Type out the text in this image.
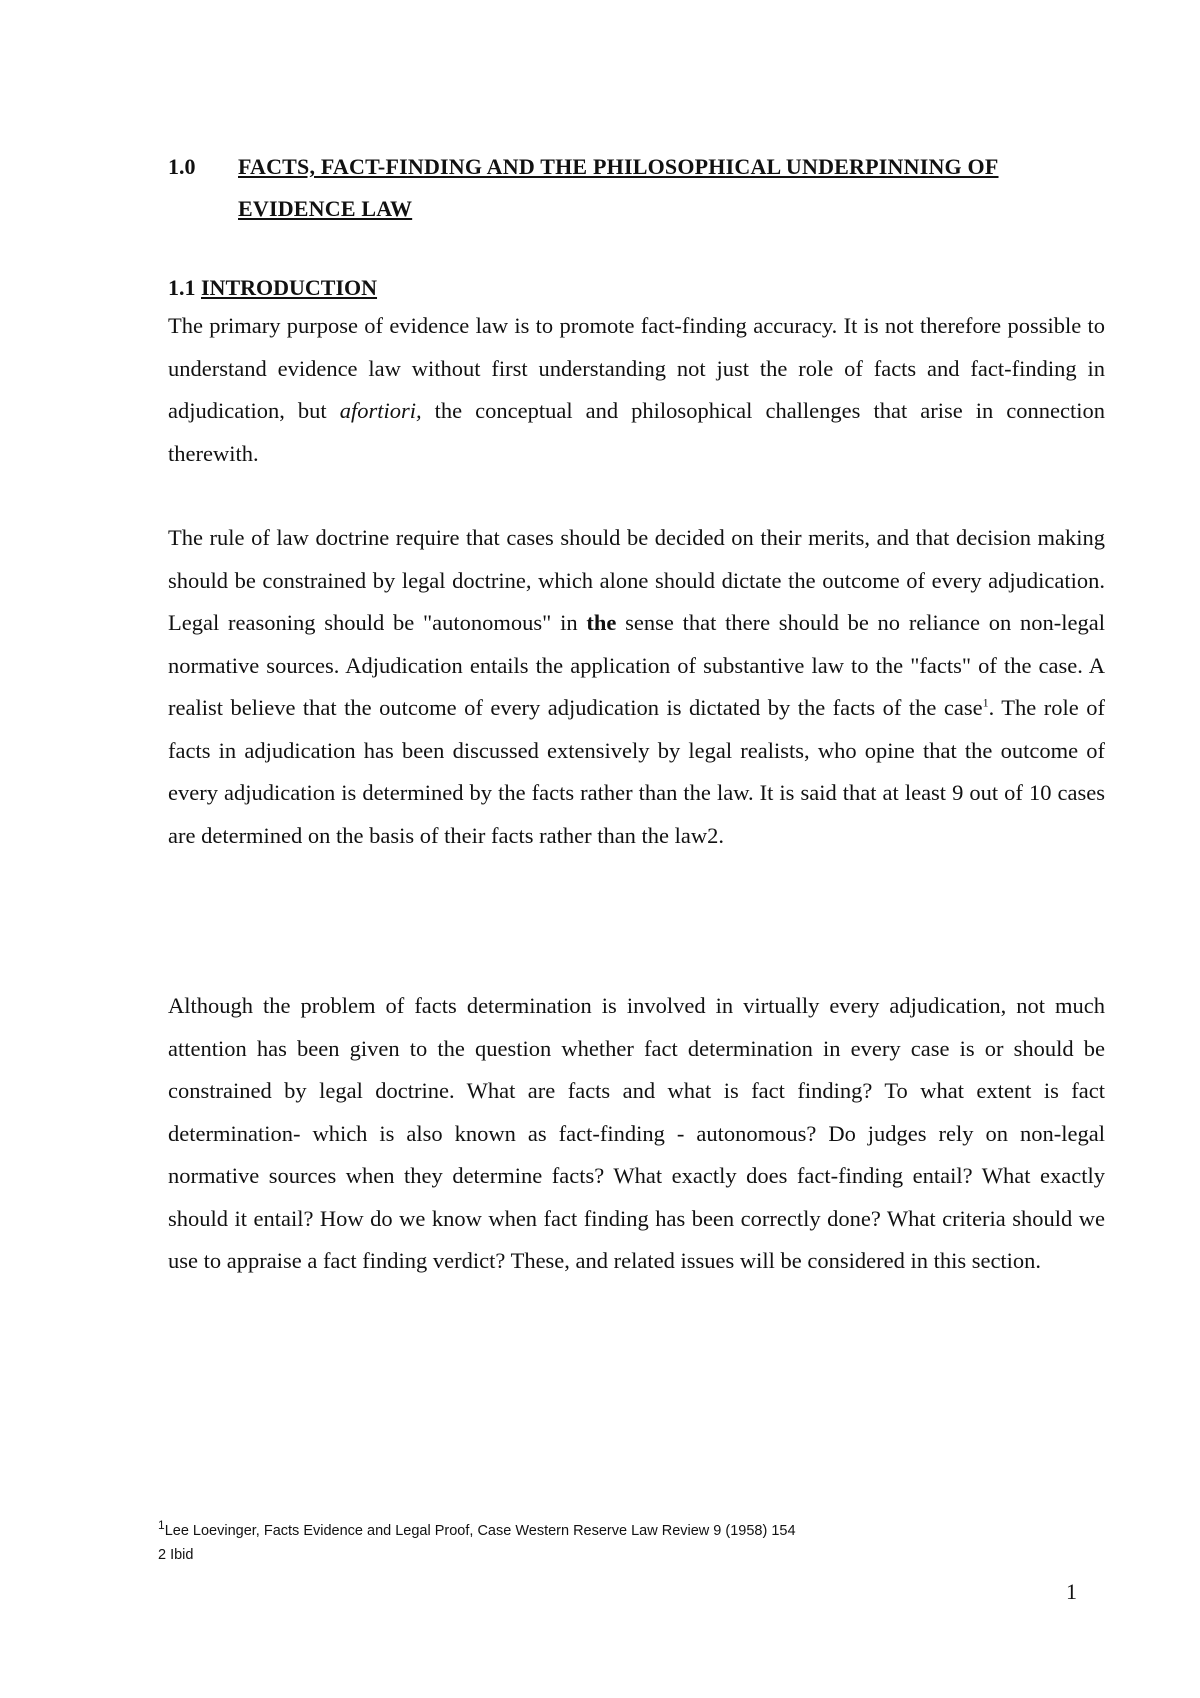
1.0	FACTS, FACT-FINDING AND THE PHILOSOPHICAL UNDERPINNING OF
EVIDENCE LAW
1.1 INTRODUCTION

The primary purpose of evidence law is to promote fact-finding accuracy. It is not therefore possible to understand evidence law without first understanding not just the role of facts and fact-finding in adjudication, but afortiori, the conceptual and philosophical challenges that arise in connection therewith.

The rule of law doctrine require that cases should be decided on their merits, and that decision making should be constrained by legal doctrine, which alone should dictate the outcome of every adjudication. Legal reasoning should be "autonomous" in the sense that there should be no reliance on non-legal normative sources. Adjudication entails the application of substantive law to the "facts" of the case. A realist believe that the outcome of every adjudication is dictated by the facts of the case$^1$. The role of facts in adjudication has been discussed extensively by legal realists, who opine that the outcome of every adjudication is determined by the facts rather than the law. It is said that at least 9 out of 10 cases are determined on the basis of their facts rather than the law2.

Although the problem of facts determination is involved in virtually every adjudication, not much attention has been given to the question whether fact determination in every case is or should be constrained by legal doctrine. What are facts and what is fact finding? To what extent is fact determination- which is also known as fact-finding - autonomous? Do judges rely on non-legal normative sources when they determine facts? What exactly does fact-finding entail? What exactly should it entail? How do we know when fact finding has been correctly done? What criteria should we use to appraise a fact finding verdict? These, and related issues will be considered in this section.

$^1$Lee Loevinger, Facts Evidence and Legal Proof, Case Western Reserve Law Review 9 (1958) 154
2 Ibid
1
